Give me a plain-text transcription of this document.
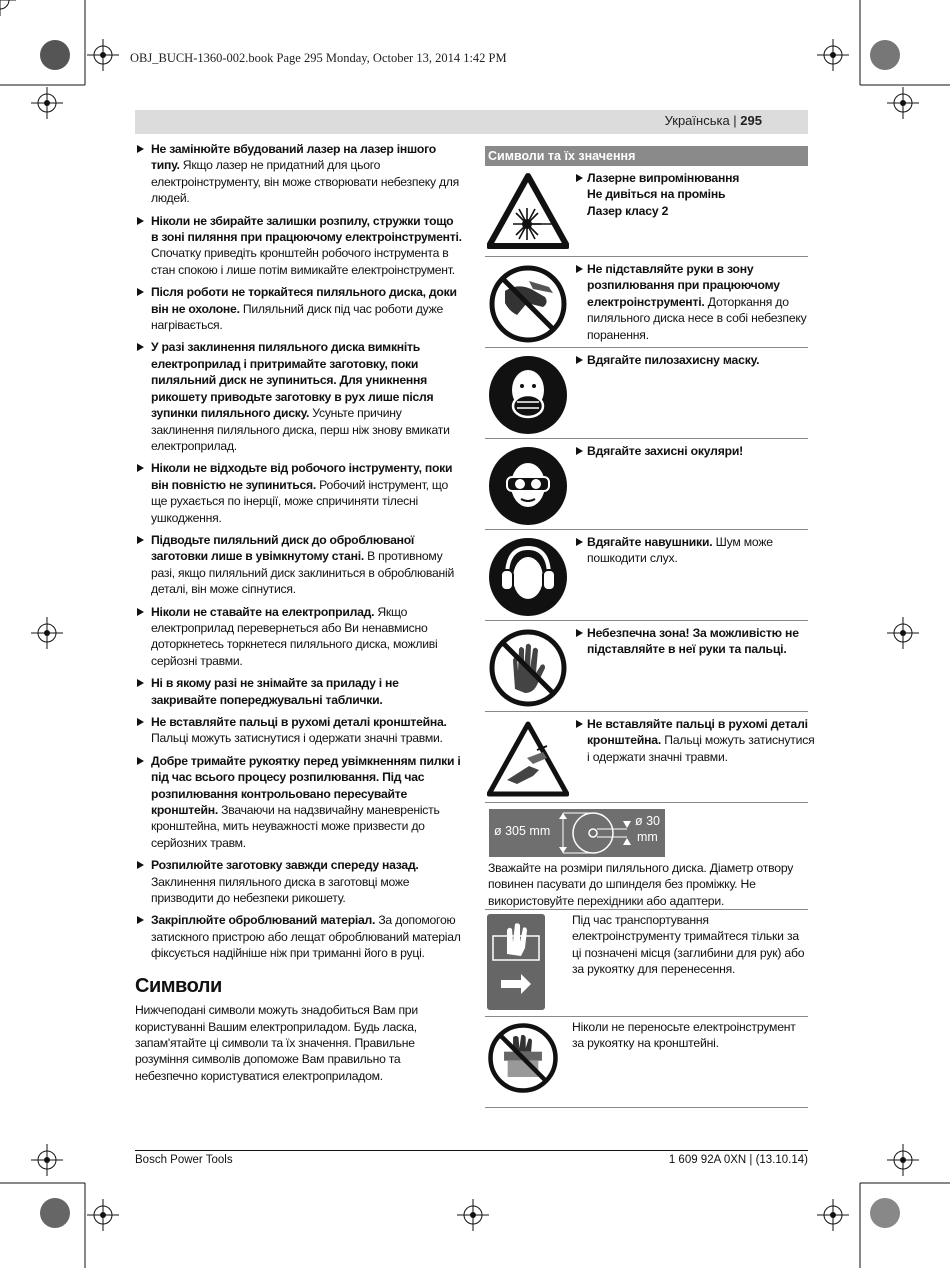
OBJ_BUCH-1360-002.book Page 295 Monday, October 13, 2014 1:42 PM
Українська | 295
Не замінюйте вбудований лазер на лазер іншого типу. Якщо лазер не придатний для цього електроінструменту, він може створювати небезпеку для людей.
Ніколи не збирайте залишки розпилу, стружки тощо в зоні пиляння при працюючому електроінструменті. Спочатку приведіть кронштейн робочого інструмента в стан спокою і лише потім вимикайте електроінструмент.
Після роботи не торкайтеся пиляльного диска, доки він не охолоне. Пиляльний диск під час роботи дуже нагрівається.
У разі заклинення пиляльного диска вимкніть електроприлад і притримайте заготовку, поки пиляльний диск не зупиниться. Для уникнення рикошету приводьте заготовку в рух лише після зупинки пиляльного диску. Усуньте причину заклинення пиляльного диска, перш ніж знову вмикати електроприлад.
Ніколи не відходьте від робочого інструменту, поки він повністю не зупиниться. Робочий інструмент, що ще рухається по інерції, може спричиняти тілесні ушкодження.
Підводьте пиляльний диск до оброблюваної заготовки лише в увімкнутому стані. В противному разі, якщо пиляльний диск заклиниться в оброблюваній деталі, він може сіпнутися.
Ніколи не ставайте на електроприлад. Якщо електроприлад перевернеться або Ви ненавмисно доторкнетесь торкнетеся пиляльного диска, можливі серйозні травми.
Ні в якому разі не знімайте за приладу і не закривайте попереджувальні таблички.
Не вставляйте пальці в рухомі деталі кронштейна. Пальці можуть затиснутися і одержати значні травми.
Добре тримайте рукоятку перед увімкненням пилки і під час всього процесу розпилювання. Під час розпилювання контрольовано пересувайте кронштейн. Звачаючи на надзвичайну маневреність кронштейна, мить неуважності може призвести до серйозних травм.
Розпилюйте заготовку завжди спереду назад. Заклинення пиляльного диска в заготовці може призводити до небезпеки рикошету.
Закріплюйте оброблюваний матеріал. За допомогою затискного пристрою або лещат оброблюваний матеріал фіксується надійніше ніж при триманні його в руці.
Символи
Нижчеподані символи можуть знадобиться Вам при користуванні Вашим електроприладом. Будь ласка, запам'ятайте ці символи та їх значення. Правильне розуміння символів допоможе Вам правильно та небезпечно користуватися електроприладом.
Символи та їх значення
Лазерне випромінювання
Не дивіться на промінь
Лазер класу 2
Не підставляйте руки в зону розпилювання при працюючому електроінструменті. Доторкання до пиляльного диска несе в собі небезпеку поранення.
Вдягайте пилозахисну маску.
Вдягайте захисні окуляри!
Вдягайте навушники. Шум може пошкодити слух.
Небезпечна зона! За можливістю не підставляйте в неї руки та пальці.
Не вставляйте пальці в рухомі деталі кронштейна. Пальці можуть затиснутися і одержати значні травми.
ø 305 mm
ø 30
mm
Зважайте на розміри пиляльного диска. Діаметр отвору повинен пасувати до шпинделя без проміжку. Не використовуйте перехідники або адаптери.
Під час транспортування електроінструменту тримайтеся тільки за ці позначені місця (заглибини для рук) або за рукоятку для перенесення.
Ніколи не переносьте електроінструмент за рукоятку на кронштейні.
Bosch Power Tools	1 609 92A 0XN | (13.10.14)
